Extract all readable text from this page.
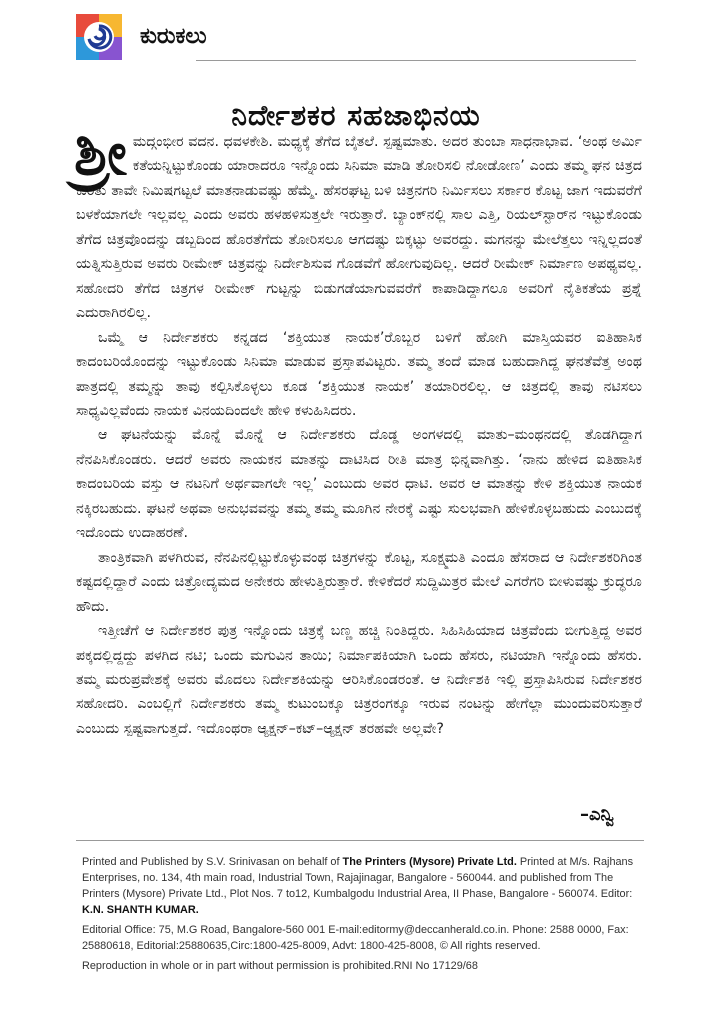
ಕುರುಕಲು
ನಿರ್ದೇಶಕರ ಸಹಜಾಭಿನಯ

ಶ್ರೀ ಮದ್ಗಂಭೀರ ವದನ. ಧವಳಕೇಶಿ. ಮಧ್ಯಕ್ಕೆ ತೆಗೆದ ಬೈತಲೆ. ಸ್ಪಷ್ಟಮಾತು. ಅದರ ತುಂಬಾ ಸಾಧನಾಭಾವ. ‘ಅಂಥ ಅರ್ಮಿ ಕತೆಯನ್ನಿಟ್ಟುಕೊಂಡು ಯಾರಾದರೂ ಇನ್ನೊಂದು ಸಿನಿಮಾ ಮಾಡಿ ತೋರಿಸಲಿ ನೋಡೋಣ’ ಎಂದು ತಮ್ಮ ಘನ ಚಿತ್ರದ ಕುರಿತು ತಾವೇ ನಿಮಿಷಗಟ್ಟಲೆ ಮಾತನಾಡುವಷ್ಟು ಹೆಮ್ಮೆ. ಹೆಸರಘಟ್ಟ ಬಳಿ ಚಿತ್ರನಗರಿ ನಿರ್ಮಿಸಲು ಸರ್ಕಾರ ಕೊಟ್ಟ ಜಾಗ ಇದುವರೆಗೆ ಬಳಕೆಯಾಗಲೇ ಇಲ್ಲವಲ್ಲ ಎಂದು ಅವರು ಹಳಹಳಿಸುತ್ತಲೇ ಇರುತ್ತಾರೆ. ಬ್ಯಾಂಕ್‌ನಲ್ಲಿ ಸಾಲ ಎತ್ತಿ, ರಿಯಲ್‌ಸ್ಟಾರ್‌ನ ಇಟ್ಟುಕೊಂಡು ತೆಗೆದ ಚಿತ್ರವೊಂದನ್ನು ಡಬ್ಬದಿಂದ ಹೊರತೆಗೆದು ತೋರಿಸಲೂ ಆಗದಷ್ಟು ಬಿಕ್ಕಟ್ಟು ಅವರದ್ದು. ಮಗನನ್ನು ಮೇಲೆತ್ತಲು ಇನ್ನಿಲ್ಲದಂತೆ ಯತ್ನಿಸುತ್ತಿರುವ ಅವರು ರೀಮೇಕ್ ಚಿತ್ರವನ್ನು ನಿರ್ದೇಶಿಸುವ ಗೊಡವೆಗೆ ಹೋಗುವುದಿಲ್ಲ. ಆದರೆ ರೀಮೇಕ್ ನಿರ್ಮಾಣ ಅಪಥ್ಯವಲ್ಲ. ಸಹೋದರಿ ತೆಗೆದ ಚಿತ್ರಗಳ ರೀಮೇಕ್ ಗುಟ್ಟನ್ನು ಬಿಡುಗಡೆಯಾಗುವವರೆಗೆ ಕಾಪಾಡಿದ್ದಾಗಲೂ ಅವರಿಗೆ ನೈತಿಕತೆಯ ಪ್ರಶ್ನೆ ಎದುರಾಗಿರಲಿಲ್ಲ.

ಒಮ್ಮೆ ಆ ನಿರ್ದೇಶಕರು ಕನ್ನಡದ ‘ಶಕ್ತಿಯುತ ನಾಯಕ’ರೊಬ್ಬರ ಬಳಿಗೆ ಹೋಗಿ ಮಾಸ್ತಿಯವರ ಐತಿಹಾಸಿಕ ಕಾದಂಬರಿಯೊಂದನ್ನು ಇಟ್ಟುಕೊಂಡು ಸಿನಿಮಾ ಮಾಡುವ ಪ್ರಸ್ತಾಪವಿಟ್ಟರು. ತಮ್ಮ ತಂದೆ ಮಾಡ ಬಹುದಾಗಿದ್ದ ಘನತೆವೆತ್ತ ಅಂಥ ಪಾತ್ರದಲ್ಲಿ ತಮ್ಮನ್ನು ತಾವು ಕಲ್ಪಿಸಿಕೊಳ್ಳಲು ಕೂಡ ‘ಶಕ್ತಿಯುತ ನಾಯಕ’ ತಯಾರಿರಲಿಲ್ಲ. ಆ ಚಿತ್ರದಲ್ಲಿ ತಾವು ನಟಿಸಲು ಸಾಧ್ಯವಿಲ್ಲವೆಂದು ನಾಯಕ ವಿನಯದಿಂದಲೇ ಹೇಳಿ ಕಳುಹಿಸಿದರು.

ಆ ಘಟನೆಯನ್ನು ಮೊನ್ನೆ ಮೊನ್ನೆ ಆ ನಿರ್ದೇಶಕರು ದೊಡ್ಡ ಅಂಗಳದಲ್ಲಿ ಮಾತು–ಮಂಥನದಲ್ಲಿ ತೊಡಗಿದ್ದಾಗ ನೆನಪಿಸಿಕೊಂಡರು. ಆದರೆ ಅವರು ನಾಯಕನ ಮಾತನ್ನು ದಾಟಿಸಿದ ರೀತಿ ಮಾತ್ರ ಭಿನ್ನವಾಗಿತ್ತು. ‘ನಾನು ಹೇಳಿದ ಐತಿಹಾಸಿಕ ಕಾದಂಬರಿಯ ವಸ್ತು ಆ ನಟನಿಗೆ ಅರ್ಥವಾಗಲೇ ಇಲ್ಲ’ ಎಂಬುದು ಅವರ ಧಾಟಿ. ಅವರ ಆ ಮಾತನ್ನು ಕೇಳಿ ಶಕ್ತಿಯುತ ನಾಯಕ ನಕ್ಕಿರಬಹುದು. ಘಟನೆ ಅಥವಾ ಅನುಭವವನ್ನು ತಮ್ಮ ತಮ್ಮ ಮೂಗಿನ ನೇರಕ್ಕೆ ಎಷ್ಟು ಸುಲಭವಾಗಿ ಹೇಳಿಕೊಳ್ಳಬಹುದು ಎಂಬುದಕ್ಕೆ ಇದೊಂದು ಉದಾಹರಣೆ.

ತಾಂತ್ರಿಕವಾಗಿ ಪಳಗಿರುವ, ನೆನಪಿನಲ್ಲಿಟ್ಟುಕೊಳ್ಳುವಂಥ ಚಿತ್ರಗಳನ್ನು ಕೊಟ್ಟ, ಸೂಕ್ಷ್ಮಮತಿ ಎಂದೂ ಹೆಸರಾದ ಆ ನಿರ್ದೇಶಕರಿಗಿಂತ ಕಷ್ಟದಲ್ಲಿದ್ದಾರೆ ಎಂದು ಚಿತ್ರೋದ್ಯಮದ ಅನೇಕರು ಹೇಳುತ್ತಿರುತ್ತಾರೆ. ಕೇಳಿಕೆದರೆ ಸುದ್ದಿಮಿತ್ರರ ಮೇಲೆ ಎಗರೆಗರಿ ಬೀಳುವಷ್ಟು ಕ್ರುದ್ಧರೂ ಹೌದು.

ಇತ್ತೀಚೆಗೆ ಆ ನಿರ್ದೇಶಕರ ಪುತ್ರ ಇನ್ನೊಂದು ಚಿತ್ರಕ್ಕೆ ಬಣ್ಣ ಹಚ್ಚಿ ನಿಂತಿದ್ದರು. ಸಿಹಿಸಿಹಿಯಾದ ಚಿತ್ರವೆಂದು ಬೀಗುತ್ತಿದ್ದ ಅವರ ಪಕ್ಕದಲ್ಲಿದ್ದದ್ದು ಪಳಗಿದ ನಟಿ; ಒಂದು ಮಗುವಿನ ತಾಯಿ; ನಿರ್ಮಾಪಕಿಯಾಗಿ ಒಂದು ಹೆಸರು, ನಟಿಯಾಗಿ ಇನ್ನೊಂದು ಹೆಸರು. ತಮ್ಮ ಮರುಪ್ರವೇಶಕ್ಕೆ ಅವರು ಮೊದಲು ನಿರ್ದೇಶಕಿಯನ್ನು ಆರಿಸಿಕೊಂಡರಂತೆ. ಆ ನಿರ್ದೇಶಕಿ ಇಲ್ಲಿ ಪ್ರಸ್ತಾಪಿಸಿರುವ ನಿರ್ದೇಶಕರ ಸಹೋದರಿ. ಎಂಬಲ್ಲಿಗೆ ನಿರ್ದೇಶಕರು ತಮ್ಮ ಕುಟುಂಬಕ್ಕೂ ಚಿತ್ರರಂಗಕ್ಕೂ ಇರುವ ನಂಟನ್ನು ಹೇಗೆಲ್ಲಾ ಮುಂದುವರಿಸುತ್ತಾರೆ ಎಂಬುದು ಸ್ಪಷ್ಟವಾಗುತ್ತದೆ. ಇದೊಂಥರಾ ಆ್ಯಕ್ಷನ್–ಕಟ್–ಆ್ಯಕ್ಷನ್ ತರಹವೇ ಅಲ್ಲವೇ?

–ಎನ್ವಿ

Printed and Published by S.V. Srinivasan on behalf of The Printers (Mysore) Private Ltd. Printed at M/s. Rajhans Enterprises, no. 134, 4th main road, Industrial Town, Rajajinagar, Bangalore - 560044. and published from The Printers (Mysore) Private Ltd., Plot Nos. 7 to12, Kumbalgodu Industrial Area, II Phase, Bangalore - 560074. Editor: K.N. SHANTH KUMAR.

Editorial Office: 75, M.G Road, Bangalore-560 001 E-mail:editormy@deccanherald.co.in. Phone: 2588 0000, Fax: 25880618, Editorial:25880635,Circ:1800-425-8009, Advt: 1800-425-8008, © All rights reserved.

Reproduction in whole or in part without permission is prohibited.RNI No 17129/68
